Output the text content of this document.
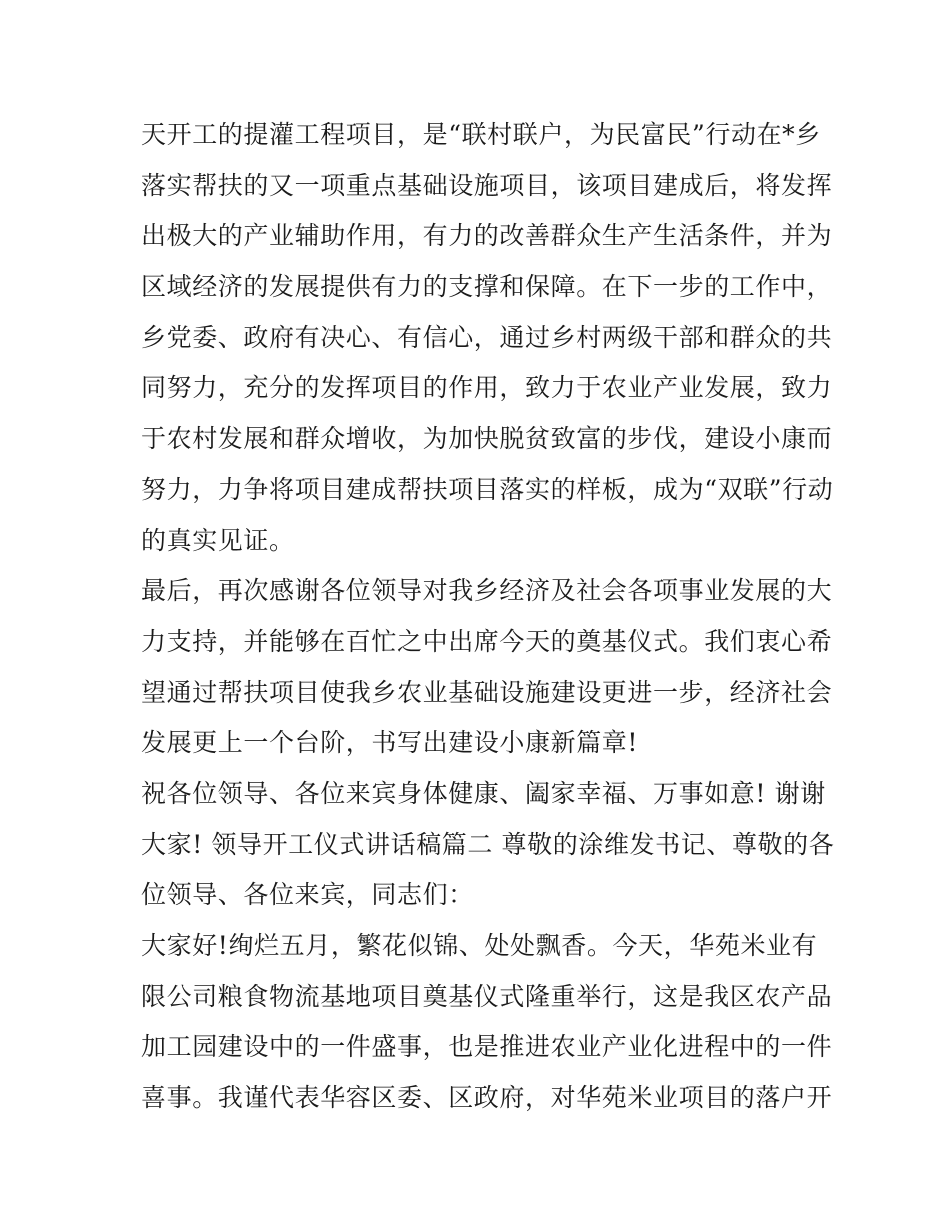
天开工的提灌工程项目，是“联村联户，为民富民”行动在*乡
落实帮扶的又一项重点基础设施项目，该项目建成后，将发挥
出极大的产业辅助作用，有力的改善群众生产生活条件，并为
区域经济的发展提供有力的支撑和保障。在下一步的工作中，
乡党委、政府有决心、有信心，通过乡村两级干部和群众的共
同努力，充分的发挥项目的作用，致力于农业产业发展，致力
于农村发展和群众增收，为加快脱贫致富的步伐，建设小康而
努力，力争将项目建成帮扶项目落实的样板，成为“双联”行动
的真实见证。
最后，再次感谢各位领导对我乡经济及社会各项事业发展的大
力支持，并能够在百忙之中出席今天的奠基仪式。我们衷心希
望通过帮扶项目使我乡农业基础设施建设更进一步，经济社会
发展更上一个台阶，书写出建设小康新篇章!
祝各位领导、各位来宾身体健康、阖家幸福、万事如意! 谢谢
大家! 领导开工仪式讲话稿篇二 尊敬的涂维发书记、尊敬的各
位领导、各位来宾，同志们：
大家好!绚烂五月，繁花似锦、处处飘香。今天，华苑米业有
限公司粮食物流基地项目奠基仪式隆重举行，这是我区农产品
加工园建设中的一件盛事，也是推进农业产业化进程中的一件
喜事。我谨代表华容区委、区政府，对华苑米业项目的落户开
